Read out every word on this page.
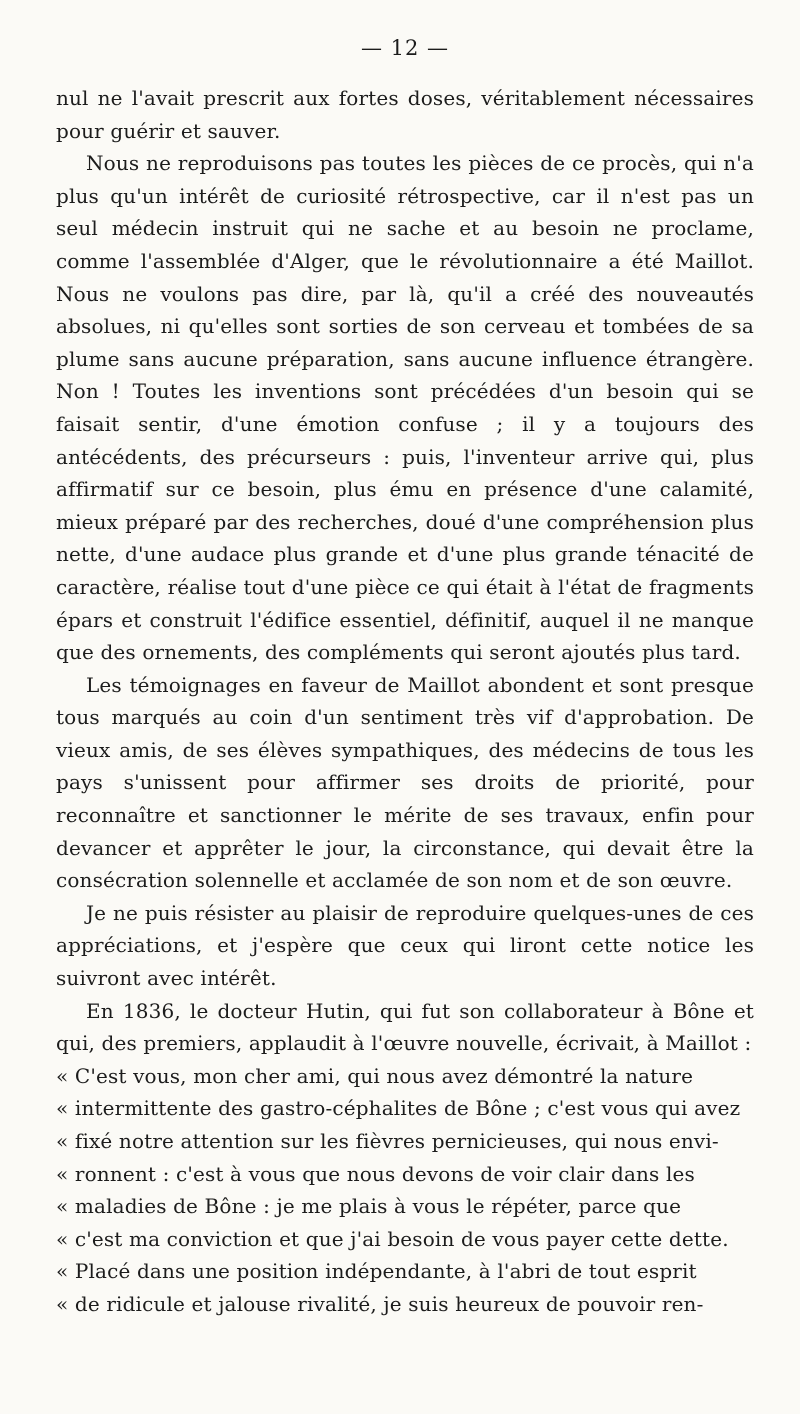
— 12 —

nul ne l'avait prescrit aux fortes doses, véritablement nécessaires pour guérir et sauver.

Nous ne reproduisons pas toutes les pièces de ce procès, qui n'a plus qu'un intérêt de curiosité rétrospective, car il n'est pas un seul médecin instruit qui ne sache et au besoin ne proclame, comme l'assemblée d'Alger, que le révolutionnaire a été Maillot. Nous ne voulons pas dire, par là, qu'il a créé des nouveautés absolues, ni qu'elles sont sorties de son cerveau et tombées de sa plume sans aucune préparation, sans aucune influence étrangère. Non ! Toutes les inventions sont précédées d'un besoin qui se faisait sentir, d'une émotion confuse ; il y a toujours des antécédents, des précurseurs : puis, l'inventeur arrive qui, plus affirmatif sur ce besoin, plus ému en présence d'une calamité, mieux préparé par des recherches, doué d'une compréhension plus nette, d'une audace plus grande et d'une plus grande ténacité de caractère, réalise tout d'une pièce ce qui était à l'état de fragments épars et construit l'édifice essentiel, définitif, auquel il ne manque que des ornements, des compléments qui seront ajoutés plus tard.

Les témoignages en faveur de Maillot abondent et sont presque tous marqués au coin d'un sentiment très vif d'approbation. De vieux amis, de ses élèves sympathiques, des médecins de tous les pays s'unissent pour affirmer ses droits de priorité, pour reconnaître et sanctionner le mérite de ses travaux, enfin pour devancer et apprêter le jour, la circonstance, qui devait être la consécration solennelle et acclamée de son nom et de son œuvre.

Je ne puis résister au plaisir de reproduire quelques-unes de ces appréciations, et j'espère que ceux qui liront cette notice les suivront avec intérêt.

En 1836, le docteur Hutin, qui fut son collaborateur à Bône et qui, des premiers, applaudit à l'œuvre nouvelle, écrivait, à Maillot :

« C'est vous, mon cher ami, qui nous avez démontré la nature

« intermittente des gastro-céphalites de Bône ; c'est vous qui avez

« fixé notre attention sur les fièvres pernicieuses, qui nous envi-

« ronnent : c'est à vous que nous devons de voir clair dans les

« maladies de Bône : je me plais à vous le répéter, parce que

« c'est ma conviction et que j'ai besoin de vous payer cette dette.

« Placé dans une position indépendante, à l'abri de tout esprit

« de ridicule et jalouse rivalité, je suis heureux de pouvoir ren-
